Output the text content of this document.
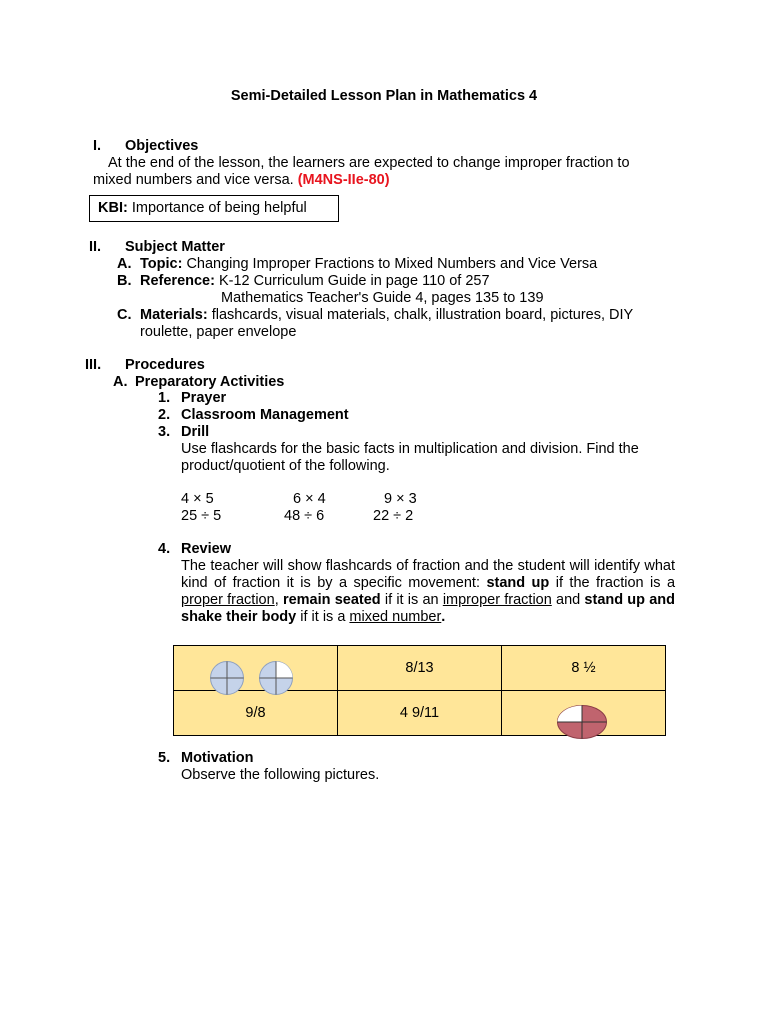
Semi-Detailed Lesson Plan in Mathematics 4
I. Objectives
At the end of the lesson, the learners are expected to change improper fraction to
mixed numbers and vice versa. (M4NS-IIe-80)
KBI: Importance of being helpful
II. Subject Matter
A. Topic: Changing Improper Fractions to Mixed Numbers and Vice Versa
B. Reference: K-12 Curriculum Guide in page 110 of 257
Mathematics Teacher's Guide 4, pages 135 to 139
C. Materials: flashcards, visual materials, chalk, illustration board, pictures, DIY
roulette, paper envelope
III. Procedures
A. Preparatory Activities
1. Prayer
2. Classroom Management
3. Drill
Use flashcards for the basic facts in multiplication and division. Find the
product/quotient of the following.
4 × 5	6 × 4	9 × 3
25 ÷ 5	48 ÷ 6	22 ÷ 2
4. Review
The teacher will show flashcards of fraction and the student will identify what kind of fraction it is by a specific movement: stand up if the fraction is a proper fraction, remain seated if it is an improper fraction and stand up and shake their body if it is a mixed number.
	8/13	8 ½
9/8	4 9/11	
5. Motivation
Observe the following pictures.
